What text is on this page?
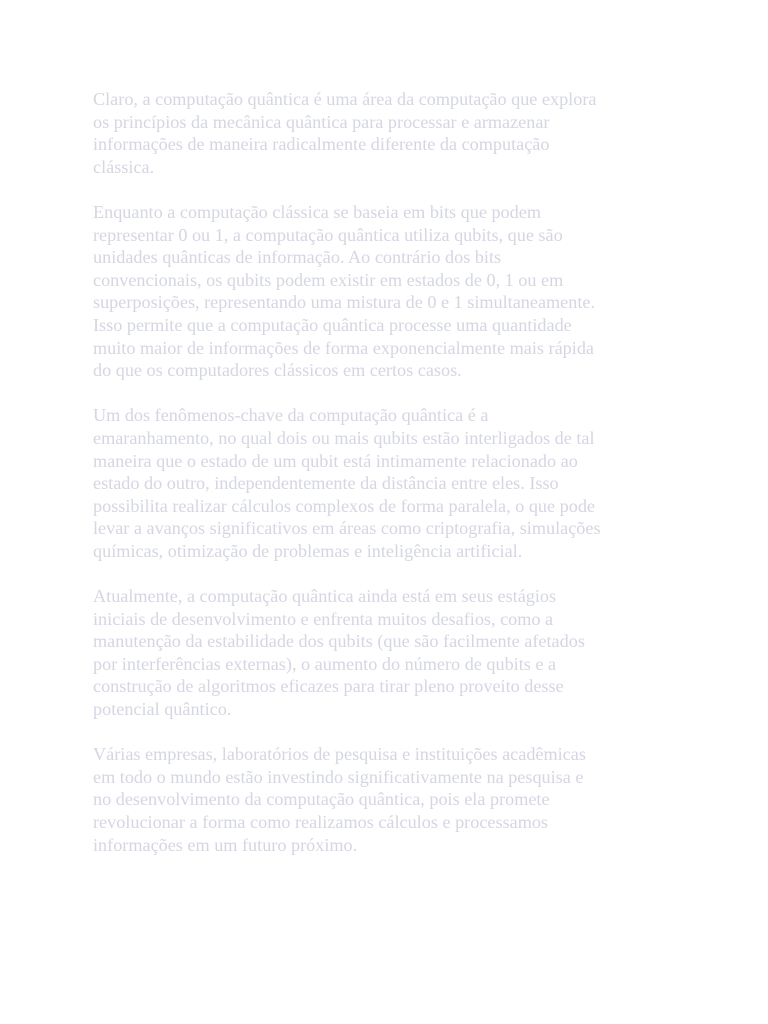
Claro, a computação quântica é uma área da computação que explora
os princípios da mecânica quântica para processar e armazenar
informações de maneira radicalmente diferente da computação
clássica.

Enquanto a computação clássica se baseia em bits que podem
representar 0 ou 1, a computação quântica utiliza qubits, que são
unidades quânticas de informação. Ao contrário dos bits
convencionais, os qubits podem existir em estados de 0, 1 ou em
superposições, representando uma mistura de 0 e 1 simultaneamente.
Isso permite que a computação quântica processe uma quantidade
muito maior de informações de forma exponencialmente mais rápida
do que os computadores clássicos em certos casos.

Um dos fenômenos-chave da computação quântica é a
emaranhamento, no qual dois ou mais qubits estão interligados de tal
maneira que o estado de um qubit está intimamente relacionado ao
estado do outro, independentemente da distância entre eles. Isso
possibilita realizar cálculos complexos de forma paralela, o que pode
levar a avanços significativos em áreas como criptografia, simulações
químicas, otimização de problemas e inteligência artificial.

Atualmente, a computação quântica ainda está em seus estágios
iniciais de desenvolvimento e enfrenta muitos desafios, como a
manutenção da estabilidade dos qubits (que são facilmente afetados
por interferências externas), o aumento do número de qubits e a
construção de algoritmos eficazes para tirar pleno proveito desse
potencial quântico.

Várias empresas, laboratórios de pesquisa e instituições acadêmicas
em todo o mundo estão investindo significativamente na pesquisa e
no desenvolvimento da computação quântica, pois ela promete
revolucionar a forma como realizamos cálculos e processamos
informações em um futuro próximo.
